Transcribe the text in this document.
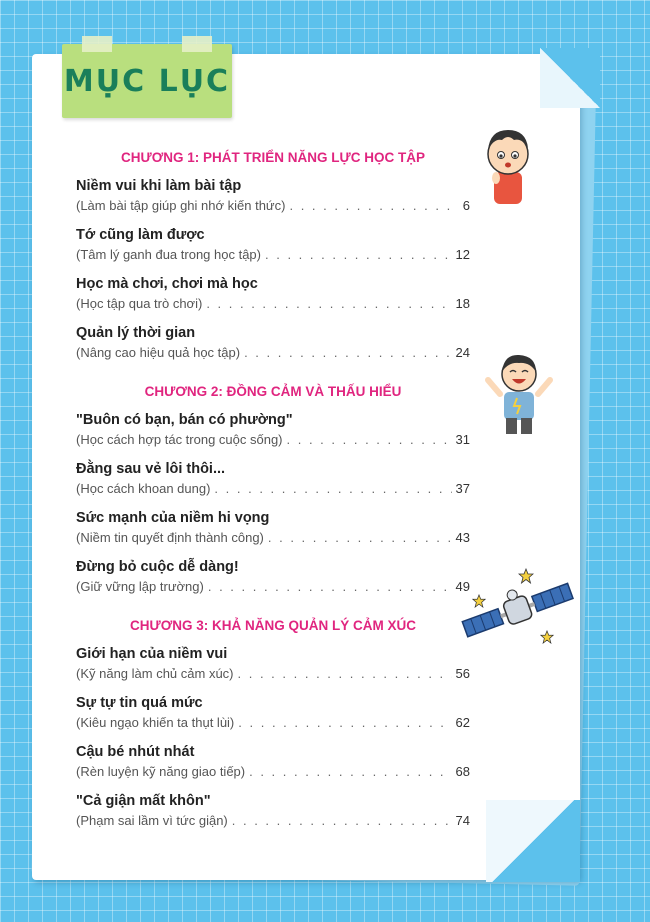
MỤC LỤC
CHƯƠNG 1: PHÁT TRIỂN NĂNG LỰC HỌC TẬP
Niềm vui khi làm bài tập
(Làm bài tập giúp ghi nhớ kiến thức) . . .	6
Tớ cũng làm được
(Tâm lý ganh đua trong học tập) . . .	12
Học mà chơi, chơi mà học
(Học tập qua trò chơi) . . .	18
Quản lý thời gian
(Nâng cao hiệu quả học tập) . . .	24
CHƯƠNG 2: ĐỒNG CẢM VÀ THẤU HIỂU
"Buôn có bạn, bán có phường"
(Học cách hợp tác trong cuộc sống) . . .	31
Đằng sau vẻ lôi thôi...
(Học cách khoan dung) . . .	37
Sức mạnh của niềm hi vọng
(Niềm tin quyết định thành công) . . .	43
Đừng bỏ cuộc dễ dàng!
(Giữ vững lập trường) . . .	49
CHƯƠNG 3: KHẢ NĂNG QUẢN LÝ CẢM XÚC
Giới hạn của niềm vui
(Kỹ năng làm chủ cảm xúc) . . .	56
Sự tự tin quá mức
(Kiêu ngạo khiến ta thụt lùi) . . .	62
Cậu bé nhút nhát
(Rèn luyện kỹ năng giao tiếp) . . .	68
"Cả giận mất khôn"
(Phạm sai lầm vì tức giận) . . .	74
